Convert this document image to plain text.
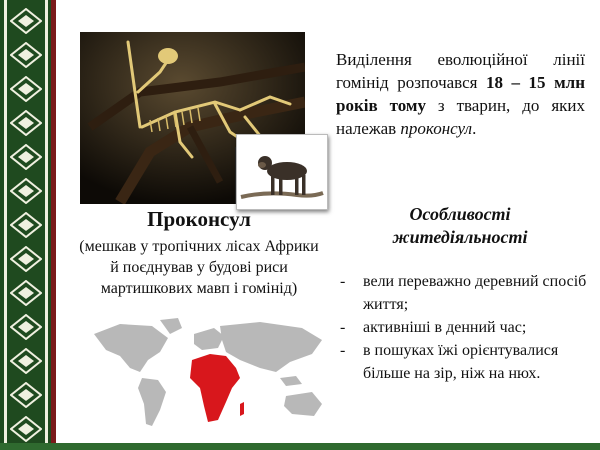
Виділення еволюційної лінії гомінід розпочався 18 – 15 млн років тому з тварин, до яких належав проконсул.
Особливості житедіяльності
- вели переважно деревний спосіб життя;
- активніші в денний час;
- в пошуках їжі орієнтувалися більше на зір, ніж на нюх.
Проконсул
(мешкав у тропічних лісах Африки й поєднував у будові риси мартишкових мавп і гомінід)
